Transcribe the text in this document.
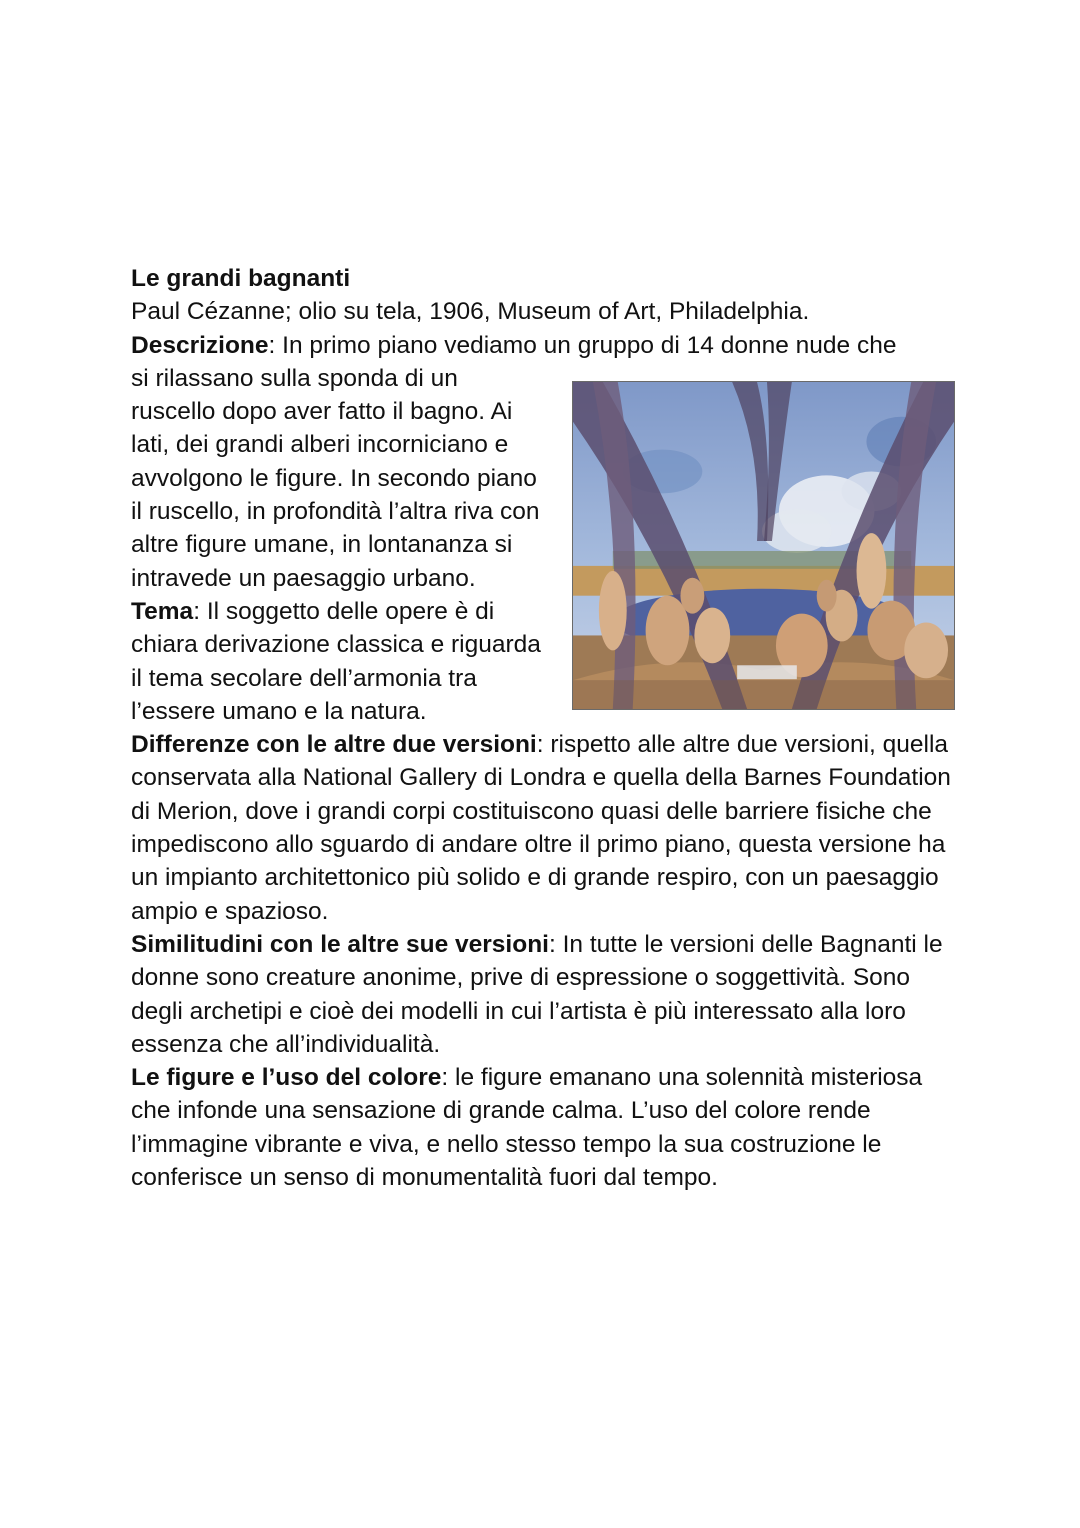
Le grandi bagnanti

Paul Cézanne; olio su tela, 1906, Museum of Art, Philadelphia.

Descrizione: In primo piano vediamo un gruppo di 14 donne nude che

si rilassano sulla sponda di un

ruscello dopo aver fatto il bagno. Ai

lati, dei grandi alberi incorniciano e

avvolgono le figure. In secondo piano

il ruscello, in profondità l’altra riva con

altre figure umane, in lontananza si

intravede un paesaggio urbano.

Tema: Il soggetto delle opere è di

chiara derivazione classica e riguarda

il tema secolare dell’armonia tra

l’essere umano e la natura.

Differenze con le altre due versioni: rispetto alle altre due versioni, quella conservata alla National Gallery di Londra e quella della Barnes Foundation di Merion, dove i grandi corpi costituiscono quasi delle barriere fisiche che impediscono allo sguardo di andare oltre il primo piano, questa versione ha un impianto architettonico più solido e di grande respiro, con un paesaggio ampio e spazioso.

Similitudini con le altre sue versioni: In tutte le versioni delle Bagnanti le donne sono creature anonime, prive di espressione o soggettività. Sono degli archetipi e cioè dei modelli in cui l’artista è più interessato alla loro essenza che all’individualità.

Le figure e l’uso del colore: le figure emanano una solennità misteriosa che infonde una sensazione di grande calma. L’uso del colore rende l’immagine vibrante e viva, e nello stesso tempo la sua costruzione le conferisce un senso di monumentalità fuori dal tempo.
